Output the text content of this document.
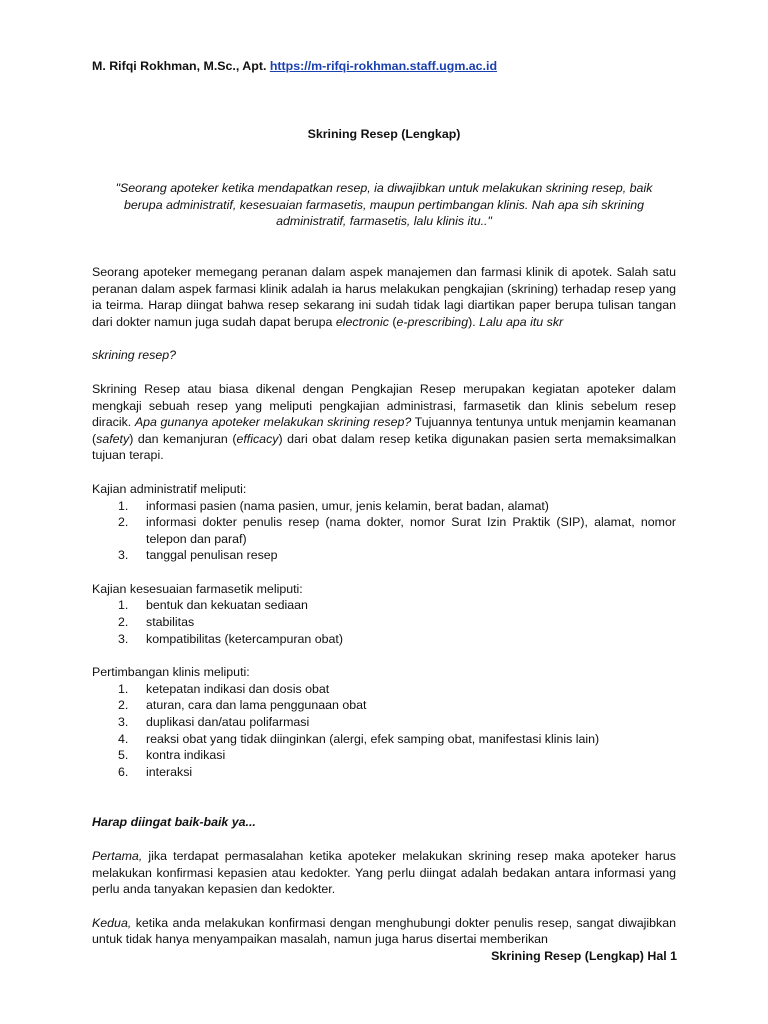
M. Rifqi Rokhman, M.Sc., Apt. https://m-rifqi-rokhman.staff.ugm.ac.id

Skrining Resep (Lengkap)

"Seorang apoteker ketika mendapatkan resep, ia diwajibkan untuk melakukan skrining resep, baik berupa administratif, kesesuaian farmasetis, maupun pertimbangan klinis. Nah apa sih skrining administratif, farmasetis, lalu klinis itu.."

Seorang apoteker memegang peranan dalam aspek manajemen dan farmasi klinik di apotek. Salah satu peranan dalam aspek farmasi klinik adalah ia harus melakukan pengkajian (skrining) terhadap resep yang ia teirma. Harap diingat bahwa resep sekarang ini sudah tidak lagi diartikan paper berupa tulisan tangan dari dokter namun juga sudah dapat berupa electronic (e-prescribing). Lalu apa itu skr

skrining resep?

Skrining Resep atau biasa dikenal dengan Pengkajian Resep merupakan kegiatan apoteker dalam mengkaji sebuah resep yang meliputi pengkajian administrasi, farmasetik dan klinis sebelum resep diracik. Apa gunanya apoteker melakukan skrining resep? Tujuannya tentunya untuk menjamin keamanan (safety) dan kemanjuran (efficacy) dari obat dalam resep ketika digunakan pasien serta memaksimalkan tujuan terapi.

Kajian administratif meliputi:

1.	informasi pasien (nama pasien, umur, jenis kelamin, berat badan, alamat)
2.	informasi dokter penulis resep (nama dokter, nomor Surat Izin Praktik (SIP), alamat, nomor telepon dan paraf)
3.	tanggal penulisan resep

Kajian kesesuaian farmasetik meliputi:

1.	bentuk dan kekuatan sediaan
2.	stabilitas
3.	kompatibilitas (ketercampuran obat)

Pertimbangan klinis meliputi:

1.	ketepatan indikasi dan dosis obat
2.	aturan, cara dan lama penggunaan obat
3.	duplikasi dan/atau polifarmasi
4.	reaksi obat yang tidak diinginkan (alergi, efek samping obat, manifestasi klinis lain)
5.	kontra indikasi
6.	interaksi

Harap diingat baik-baik ya...

Pertama, jika terdapat permasalahan ketika apoteker melakukan skrining resep maka apoteker harus melakukan konfirmasi kepasien atau kedokter. Yang perlu diingat adalah bedakan antara informasi yang perlu anda tanyakan kepasien dan kedokter.

Kedua, ketika anda melakukan konfirmasi dengan menghubungi dokter penulis resep, sangat diwajibkan untuk tidak hanya menyampaikan masalah, namun juga harus disertai memberikan

Skrining Resep (Lengkap) Hal 1
